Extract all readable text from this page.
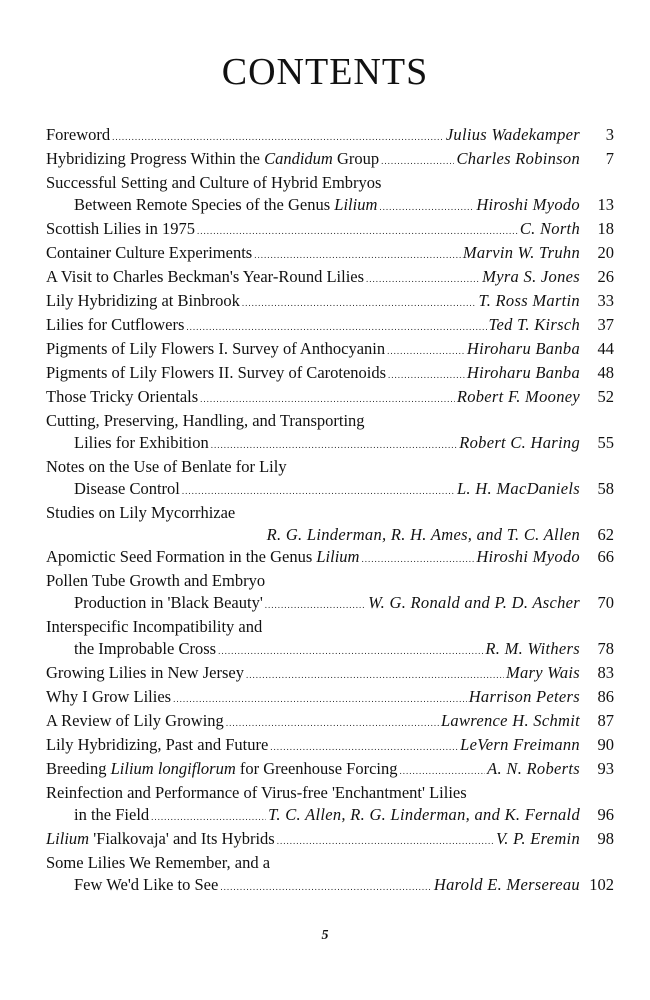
CONTENTS
Foreword .....	Julius Wadekamper	3
Hybridizing Progress Within the Candidum Group .....	Charles Robinson	7
Successful Setting and Culture of Hybrid Embryos
Between Remote Species of the Genus Lilium .....	Hiroshi Myodo	13
Scottish Lilies in 1975 .....	C. North	18
Container Culture Experiments .....	Marvin W. Truhn	20
A Visit to Charles Beckman's Year-Round Lilies .....	Myra S. Jones	26
Lily Hybridizing at Binbrook .....	T. Ross Martin	33
Lilies for Cutflowers .....	Ted T. Kirsch	37
Pigments of Lily Flowers I. Survey of Anthocyanin .....	Hiroharu Banba	44
Pigments of Lily Flowers II. Survey of Carotenoids .....	Hiroharu Banba	48
Those Tricky Orientals .....	Robert F. Mooney	52
Cutting, Preserving, Handling, and Transporting
Lilies for Exhibition .....	Robert C. Haring	55
Notes on the Use of Benlate for Lily
Disease Control .....	L. H. MacDaniels	58
Studies on Lily Mycorrhizae
R. G. Linderman, R. H. Ames, and T. C. Allen	62
Apomictic Seed Formation in the Genus Lilium .....	Hiroshi Myodo	66
Pollen Tube Growth and Embryo
Production in 'Black Beauty' .....	W. G. Ronald and P. D. Ascher	70
Interspecific Incompatibility and
the Improbable Cross .....	R. M. Withers	78
Growing Lilies in New Jersey .....	Mary Wais	83
Why I Grow Lilies .....	Harrison Peters	86
A Review of Lily Growing .....	Lawrence H. Schmit	87
Lily Hybridizing, Past and Future .....	LeVern Freimann	90
Breeding Lilium longiflorum for Greenhouse Forcing .....	A. N. Roberts	93
Reinfection and Performance of Virus-free 'Enchantment' Lilies
in the Field .....	T. C. Allen, R. G. Linderman, and K. Fernald	96
Lilium 'Fialkovaja' and Its Hybrids .....	V. P. Eremin	98
Some Lilies We Remember, and a
Few We'd Like to See .....	Harold E. Mersereau 102
5
